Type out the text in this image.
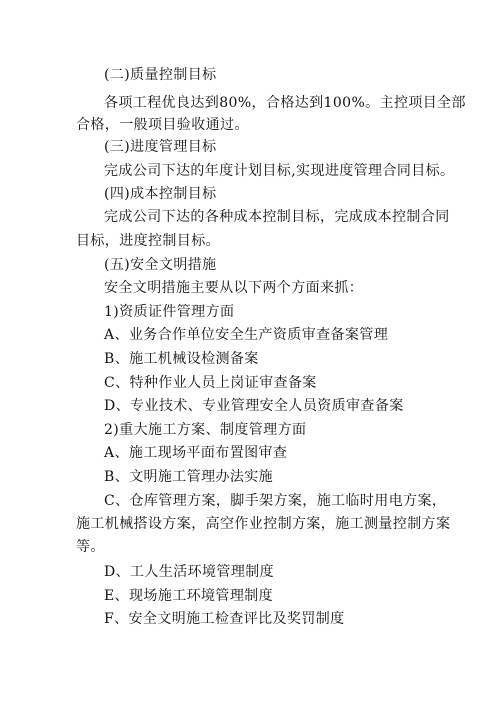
(二)质量控制目标
各项工程优良达到80%，合格达到100%。主控项目全部
合格，一般项目验收通过。
(三)进度管理目标
完成公司下达的年度计划目标,实现进度管理合同目标。
(四)成本控制目标
完成公司下达的各种成本控制目标，完成成本控制合同
目标，进度控制目标。
(五)安全文明措施
安全文明措施主要从以下两个方面来抓：
1)资质证件管理方面
A、业务合作单位安全生产资质审查备案管理
B、施工机械设检测备案
C、特种作业人员上岗证审查备案
D、专业技术、专业管理安全人员资质审查备案
2)重大施工方案、制度管理方面
A、施工现场平面布置图审查
B、文明施工管理办法实施
C、仓库管理方案，脚手架方案，施工临时用电方案，
施工机械搭设方案，高空作业控制方案，施工测量控制方案
等。
D、工人生活环境管理制度
E、现场施工环境管理制度
F、安全文明施工检查评比及奖罚制度
